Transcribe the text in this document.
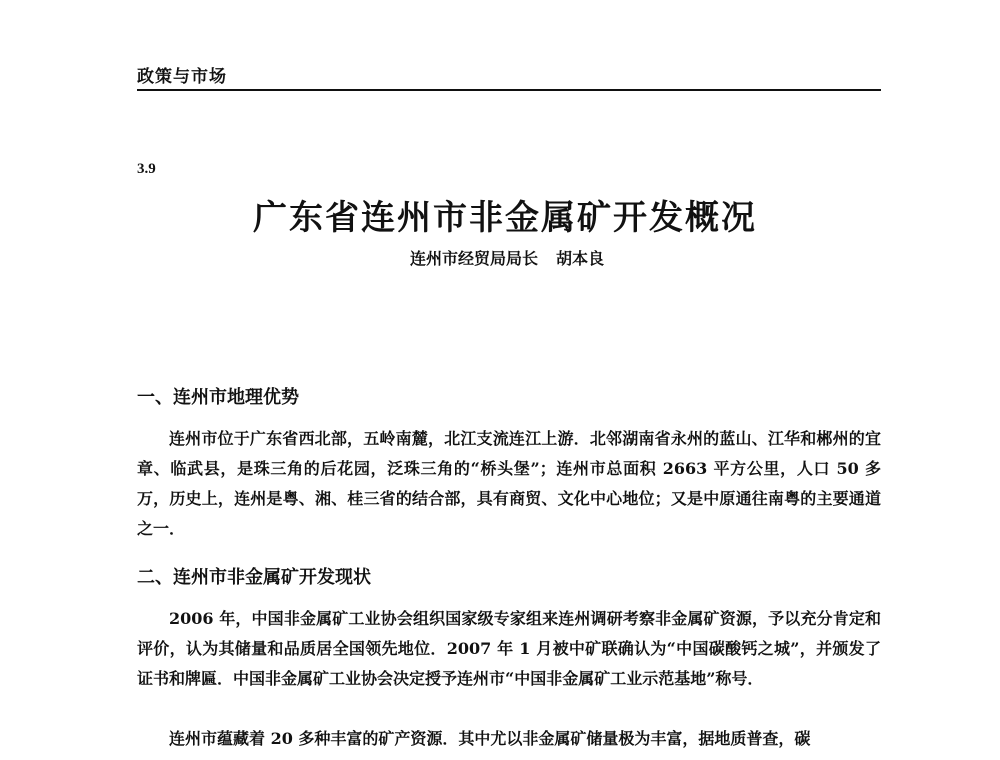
政策与市场
3.9
广东省连州市非金属矿开发概况
连州市经贸局局长 胡本良
一、连州市地理优势

连州市位于广东省西北部，五岭南麓，北江支流连江上游．北邻湖南省永州的蓝山、江华和郴州的宜章、临武县，是珠三角的后花园，泛珠三角的“桥头堡”；连州市总面积 2663 平方公里，人口 50 多万，历史上，连州是粤、湘、桂三省的结合部，具有商贸、文化中心地位；又是中原通往南粤的主要通道之一．

二、连州市非金属矿开发现状

2006 年，中国非金属矿工业协会组织国家级专家组来连州调研考察非金属矿资源，予以充分肯定和评价，认为其储量和品质居全国领先地位．2007 年 1 月被中矿联确认为“中国碳酸钙之城”，并颁发了证书和牌匾．中国非金属矿工业协会决定授予连州市“中国非金属矿工业示范基地”称号．

连州市蕴藏着 20 多种丰富的矿产资源．其中尤以非金属矿储量极为丰富，据地质普查，碳
